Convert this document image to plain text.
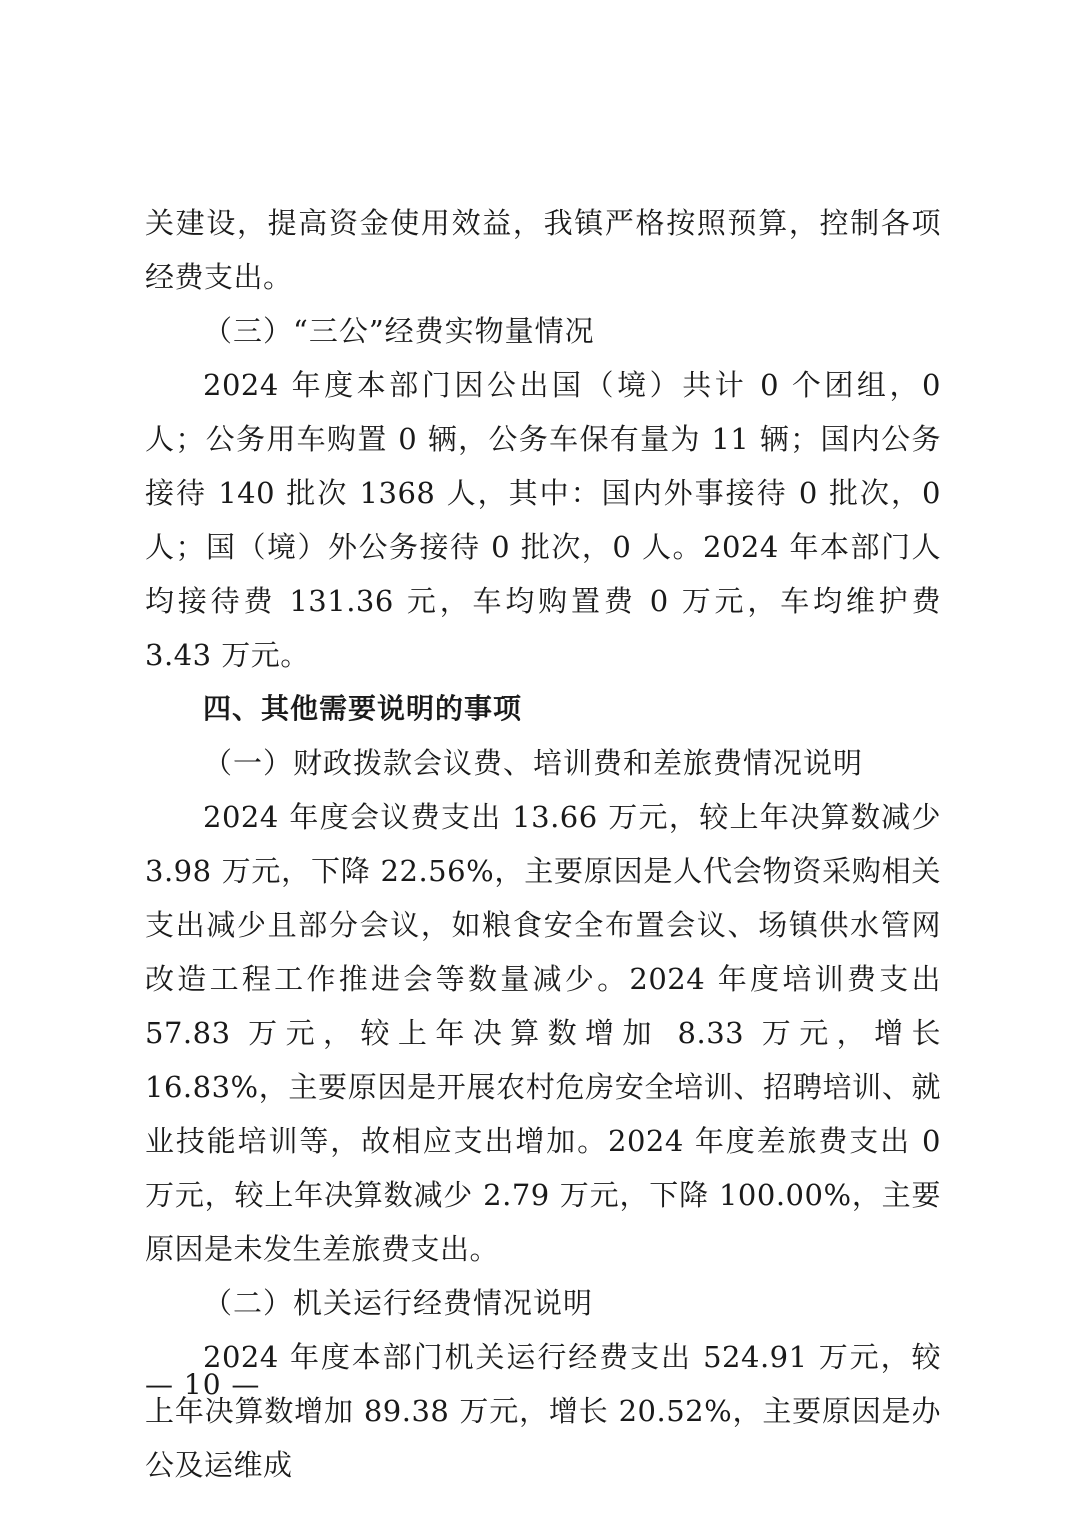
关建设，提高资金使用效益，我镇严格按照预算，控制各项经费支出。

（三）“三公”经费实物量情况

2024 年度本部门因公出国（境）共计 0 个团组，0 人；公务用车购置 0 辆，公务车保有量为 11 辆；国内公务接待 140 批次 1368 人，其中：国内外事接待 0 批次，0 人；国（境）外公务接待 0 批次，0 人。2024 年本部门人均接待费 131.36 元，车均购置费 0 万元，车均维护费 3.43 万元。

四、其他需要说明的事项

（一）财政拨款会议费、培训费和差旅费情况说明

2024 年度会议费支出 13.66 万元，较上年决算数减少 3.98 万元，下降 22.56%，主要原因是人代会物资采购相关支出减少且部分会议，如粮食安全布置会议、场镇供水管网改造工程工作推进会等数量减少。2024 年度培训费支出 57.83 万元，较上年决算数增加 8.33 万元，增长 16.83%，主要原因是开展农村危房安全培训、招聘培训、就业技能培训等，故相应支出增加。2024 年度差旅费支出 0 万元，较上年决算数减少 2.79 万元，下降 100.00%，主要原因是未发生差旅费支出。

（二）机关运行经费情况说明

2024 年度本部门机关运行经费支出 524.91 万元，较上年决算数增加 89.38 万元，增长 20.52%，主要原因是办公及运维成

— 10 —
